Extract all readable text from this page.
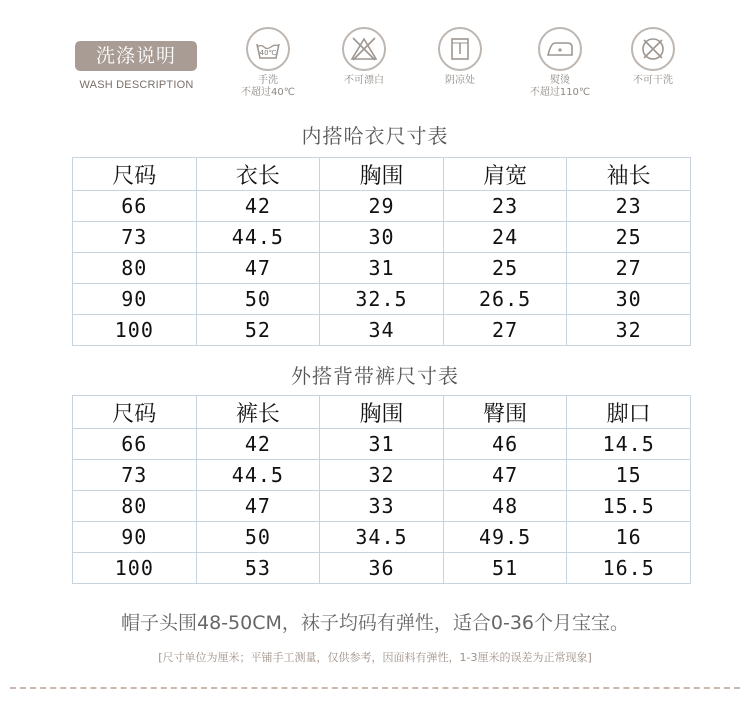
洗涤说明
WASH DESCRIPTION
40℃
手洗
不超过40℃
不可漂白	阴凉处	熨烫
不超过110℃
不可干洗
内搭哈衣尺寸表
尺码	衣长	胸围	肩宽	袖长
66	42	29	23	23
73	44.5	30	24	25
80	47	31	25	27
90	50	32.5	26.5	30
100	52	34	27	32
外搭背带裤尺寸表
尺码	裤长	胸围	臀围	脚口
66	42	31	46	14.5
73	44.5	32	47	15
80	47	33	48	15.5
90	50	34.5	49.5	16
100	53	36	51	16.5
帽子头围48-50CM，袜子均码有弹性，适合0-36个月宝宝。
[尺寸单位为厘米；平铺手工测量，仅供参考，因面料有弹性，1-3厘米的误差为正常现象]
